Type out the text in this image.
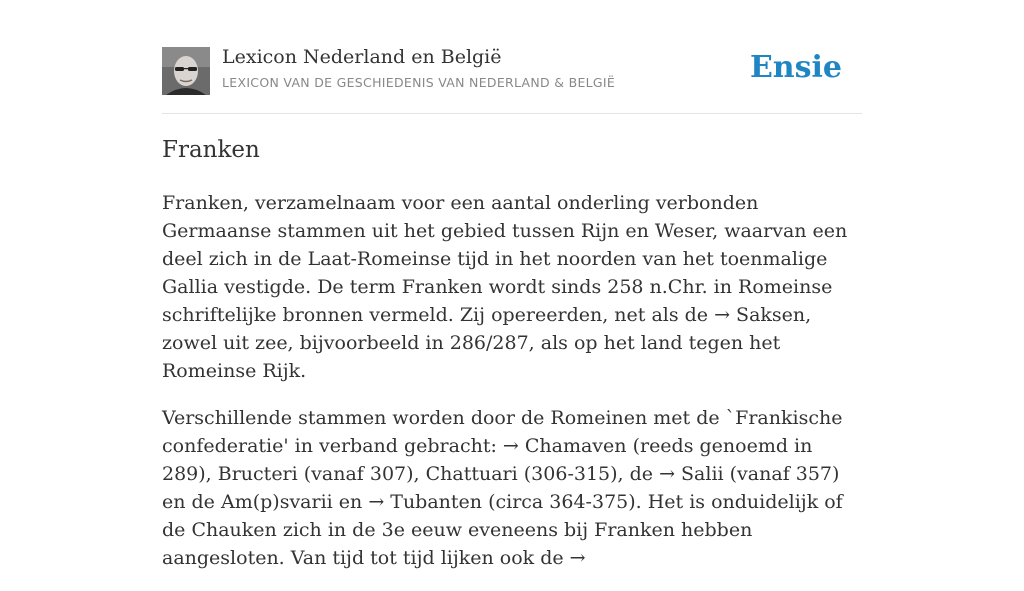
Lexicon Nederland en België
LEXICON VAN DE GESCHIEDENIS VAN NEDERLAND & BELGIË	Ensie
Franken

Franken, verzamelnaam voor een aantal onderling verbonden Germaanse stammen uit het gebied tussen Rijn en Weser, waarvan een deel zich in de Laat-Romeinse tijd in het noorden van het toenmalige Gallia vestigde. De term Franken wordt sinds 258 n.Chr. in Romeinse schriftelijke bronnen vermeld. Zij opereerden, net als de → Saksen, zowel uit zee, bijvoorbeeld in 286/287, als op het land tegen het Romeinse Rijk.

Verschillende stammen worden door de Romeinen met de `Frankische confederatie' in verband gebracht: → Chamaven (reeds genoemd in 289), Bructeri (vanaf 307), Chattuari (306-315), de → Salii (vanaf 357) en de Am(p)svarii en → Tubanten (circa 364-375). Het is onduidelijk of de Chauken zich in de 3e eeuw eveneens bij Franken hebben aangesloten. Van tijd tot tijd lijken ook de →
